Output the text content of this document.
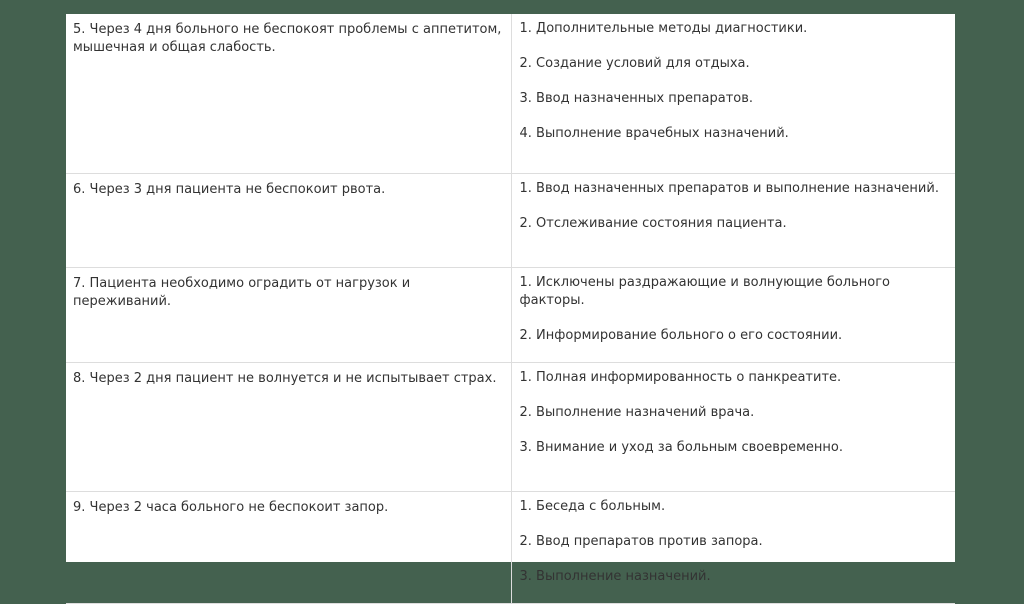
5. Через 4 дня больного не беспокоят проблемы с аппетитом, мышечная и общая слабость.	1. Дополнительные методы диагностики.

2. Создание условий для отдыха.

3. Ввод назначенных препаратов.

4. Выполнение врачебных назначений.

6. Через 3 дня пациента не беспокоит рвота.	1. Ввод назначенных препаратов и выполнение назначений.

2. Отслеживание состояния пациента.

7. Пациента необходимо оградить от нагрузок и переживаний.	1. Исключены раздражающие и волнующие больного факторы.

2. Информирование больного о его состоянии.

8. Через 2 дня пациент не волнуется и не испытывает страх.	1. Полная информированность о панкреатите.

2. Выполнение назначений врача.

3. Внимание и уход за больным своевременно.

9. Через 2 часа больного не беспокоит запор.	1. Беседа с больным.

2. Ввод препаратов против запора.

3. Выполнение назначений.
